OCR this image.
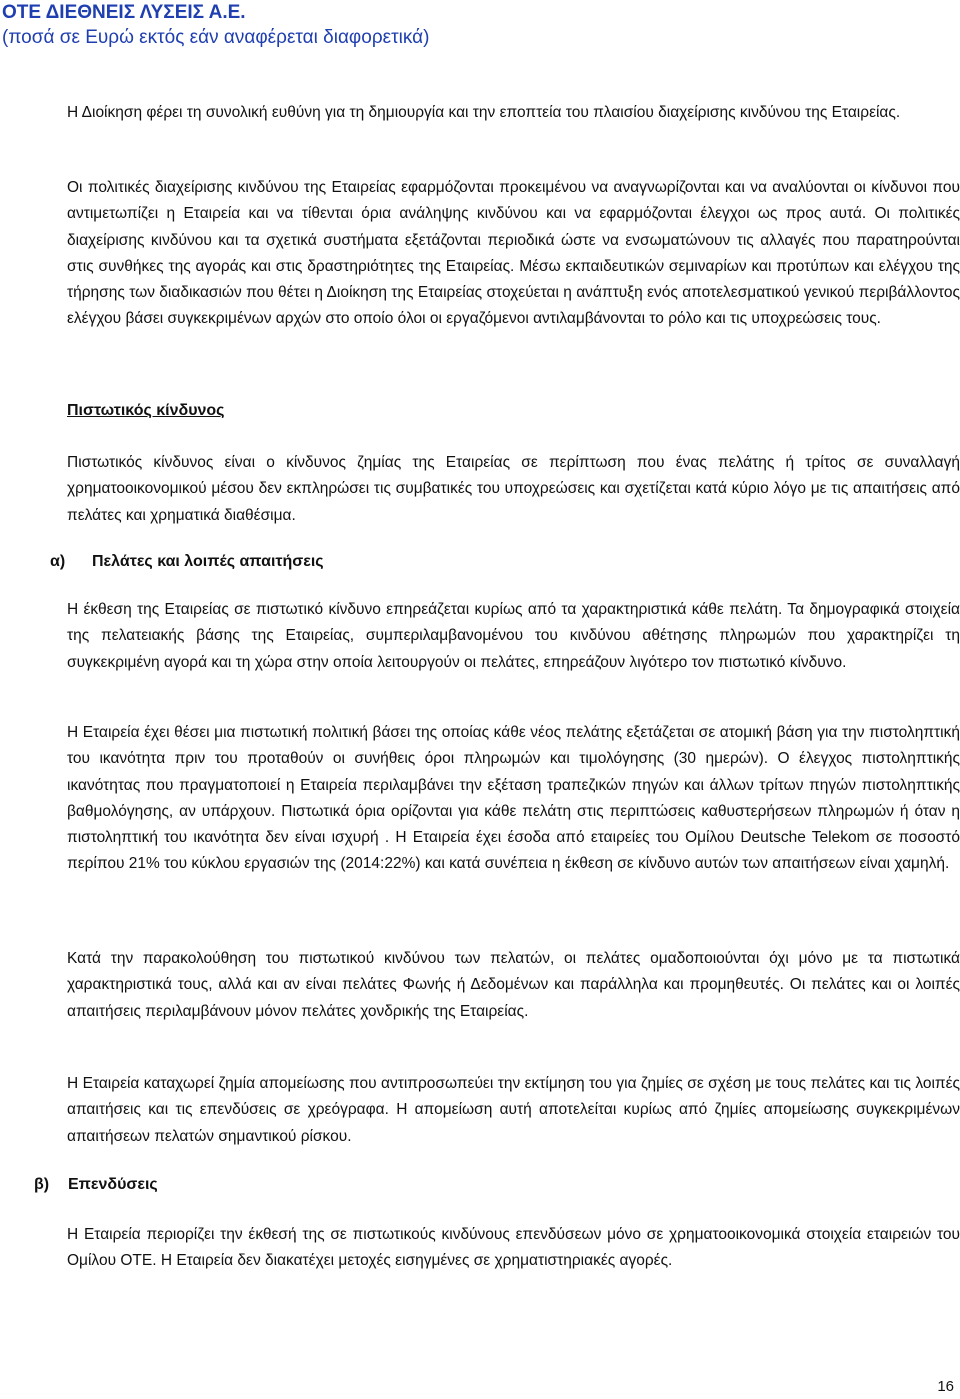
ΟΤΕ ΔΙΕΘΝΕΙΣ ΛΥΣΕΙΣ Α.Ε.
(ποσά σε Ευρώ εκτός εάν αναφέρεται διαφορετικά)

Η Διοίκηση φέρει τη συνολική ευθύνη για τη δημιουργία και την εποπτεία του πλαισίου διαχείρισης κινδύνου της Εταιρείας.

Οι πολιτικές διαχείρισης κινδύνου της Εταιρείας εφαρμόζονται προκειμένου να αναγνωρίζονται και να αναλύονται οι κίνδυνοι που αντιμετωπίζει η Εταιρεία και να τίθενται όρια ανάληψης κινδύνου και να εφαρμόζονται έλεγχοι ως προς αυτά. Οι πολιτικές διαχείρισης κινδύνου και τα σχετικά συστήματα εξετάζονται περιοδικά ώστε να ενσωματώνουν τις αλλαγές που παρατηρούνται στις συνθήκες της αγοράς και στις δραστηριότητες της Εταιρείας. Μέσω εκπαιδευτικών σεμιναρίων και προτύπων και ελέγχου της τήρησης των διαδικασιών που θέτει η Διοίκηση της Εταιρείας στοχεύεται η ανάπτυξη ενός αποτελεσματικού γενικού περιβάλλοντος ελέγχου βάσει συγκεκριμένων αρχών στο οποίο όλοι οι εργαζόμενοι αντιλαμβάνονται το ρόλο και τις υποχρεώσεις τους.

Πιστωτικός κίνδυνος

Πιστωτικός κίνδυνος είναι ο κίνδυνος ζημίας της Εταιρείας σε περίπτωση που ένας πελάτης ή τρίτος σε συναλλαγή χρηματοοικονομικού μέσου δεν εκπληρώσει τις συμβατικές του υποχρεώσεις και σχετίζεται κατά κύριο λόγο με τις απαιτήσεις από πελάτες και χρηματικά διαθέσιμα.

α) Πελάτες και λοιπές απαιτήσεις

Η έκθεση της Εταιρείας σε πιστωτικό κίνδυνο επηρεάζεται κυρίως από τα χαρακτηριστικά κάθε πελάτη. Τα δημογραφικά στοιχεία της πελατειακής βάσης της Εταιρείας, συμπεριλαμβανομένου του κινδύνου αθέτησης πληρωμών που χαρακτηρίζει τη συγκεκριμένη αγορά και τη χώρα στην οποία λειτουργούν οι πελάτες, επηρεάζουν λιγότερο τον πιστωτικό κίνδυνο.

Η Εταιρεία έχει θέσει μια πιστωτική πολιτική βάσει της οποίας κάθε νέος πελάτης εξετάζεται σε ατομική βάση για την πιστοληπτική του ικανότητα πριν του προταθούν οι συνήθεις όροι πληρωμών και τιμολόγησης (30 ημερών). Ο έλεγχος πιστοληπτικής ικανότητας που πραγματοποιεί η Εταιρεία περιλαμβάνει την εξέταση τραπεζικών πηγών και άλλων τρίτων πηγών πιστοληπτικής βαθμολόγησης, αν υπάρχουν. Πιστωτικά όρια ορίζονται για κάθε πελάτη στις περιπτώσεις καθυστερήσεων πληρωμών ή όταν η πιστοληπτική του ικανότητα δεν είναι ισχυρή . Η Εταιρεία έχει έσοδα από εταιρείες του Ομίλου Deutsche Telekom σε ποσοστό περίπου 21% του κύκλου εργασιών της (2014:22%) και κατά συνέπεια η έκθεση σε κίνδυνο αυτών των απαιτήσεων είναι χαμηλή.

Κατά την παρακολούθηση του πιστωτικού κινδύνου των πελατών, οι πελάτες ομαδοποιούνται όχι μόνο με τα πιστωτικά χαρακτηριστικά τους, αλλά και αν είναι πελάτες Φωνής ή Δεδομένων και παράλληλα και προμηθευτές. Οι πελάτες και οι λοιπές απαιτήσεις περιλαμβάνουν μόνον πελάτες χονδρικής της Εταιρείας.

Η Εταιρεία καταχωρεί ζημία απομείωσης που αντιπροσωπεύει την εκτίμηση του για ζημίες σε σχέση με τους πελάτες και τις λοιπές απαιτήσεις και τις επενδύσεις σε χρεόγραφα. Η απομείωση αυτή αποτελείται κυρίως από ζημίες απομείωσης συγκεκριμένων απαιτήσεων πελατών σημαντικού ρίσκου.

β) Επενδύσεις

Η Εταιρεία περιορίζει την έκθεσή της σε πιστωτικούς κινδύνους επενδύσεων μόνο σε χρηματοοικονομικά στοιχεία εταιρειών του Ομίλου ΟΤΕ. Η Εταιρεία δεν διακατέχει μετοχές εισηγμένες σε χρηματιστηριακές αγορές.

16
